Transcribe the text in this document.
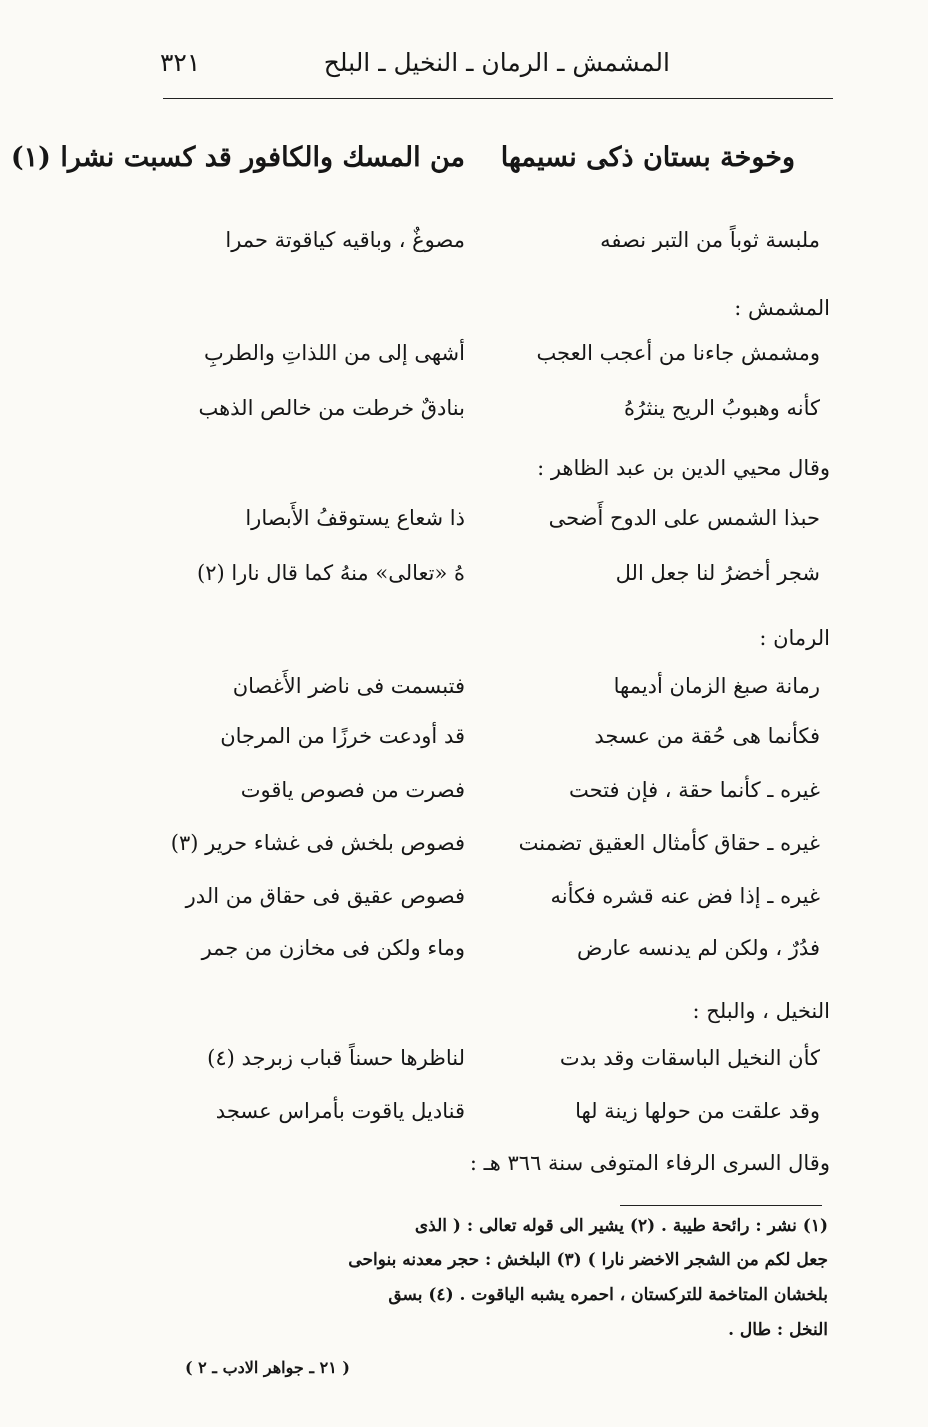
المشمش ـ الرمان ـ النخيل ـ البلح
٣٢١
وخوخة بستان ذكى نسيمها
من المسك والكافور قد كسبت نشرا (١)
ملبسة ثوباً من التبر نصفه
مصوغٌ ، وباقيه كياقوتة حمرا
المشمش :
ومشمش جاءنا من أعجب العجب
أشهى إلى من اللذاتِ والطربِ
كأنه وهبوبُ الريح ينثرُهُ
بنادقٌ خرطت من خالص الذهب
وقال محيي الدين بن عبد الظاهر :
حبذا الشمس على الدوح أَضحى
ذا شعاع يستوقفُ الأَبصارا
شجر أخضرُ لنا جعل الل
هُ «تعالى» منهُ كما قال نارا (٢)
الرمان :
رمانة صبغ الزمان أديمها
فتبسمت فى ناضر الأَغصان
فكأنما هى حُقة من عسجد
قد أودعت خرزًا من المرجان
غيره ـ كأنما حقة ، فإن فتحت
فصرت من فصوص ياقوت
غيره ـ حقاق كأمثال العقيق تضمنت
فصوص بلخش فى غشاء حرير (٣)
غيره ـ إذا فض عنه قشره فكأنه
فصوص عقيق فى حقاق من الدر
فدُرٌ ، ولكن لم يدنسه عارض
وماء ولكن فى مخازن من جمر
النخيل ، والبلح :
كأن النخيل الباسقات وقد بدت
لناظرها حسناً قباب زبرجد (٤)
وقد علقت من حولها زينة لها
قناديل ياقوت بأمراس عسجد
وقال السرى الرفاء المتوفى سنة ٣٦٦ هـ :
(١) نشر : رائحة طيبة . (٢) يشير الى قوله تعالى : ( الذى
جعل لكم من الشجر الاخضر نارا ) (٣) البلخش : حجر معدنه بنواحى
بلخشان المتاخمة للتركستان ، احمره يشبه الياقوت . (٤) بسق
النخل : طال .
( ٢١ ـ جواهر الادب ـ ٢ )
